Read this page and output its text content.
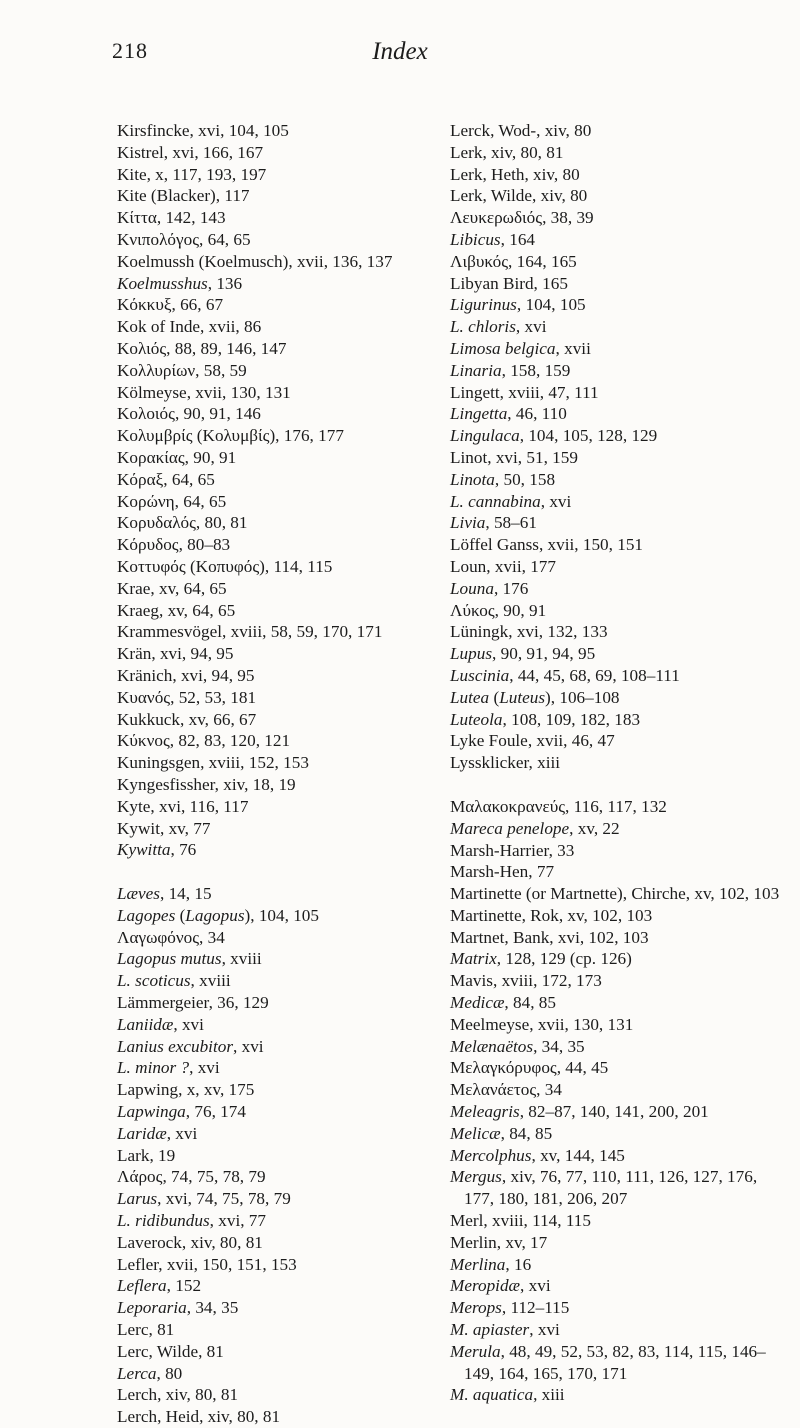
218	Index
Kirsfincke, xvi, 104, 105
Kistrel, xvi, 166, 167
Kite, x, 117, 193, 197
Kite (Blacker), 117
Κίττα, 142, 143
Κνιπολόγος, 64, 65
Koelmussh (Koelmusch), xvii, 136, 137
Koelmusshus, 136
Κόκκυξ, 66, 67
Kok of Inde, xvii, 86
Κολιός, 88, 89, 146, 147
Κολλυρίων, 58, 59
Kölmeyse, xvii, 130, 131
Κολοιός, 90, 91, 146
Κολυμβρίς (Κολυμβίς), 176, 177
Κορακίας, 90, 91
Κόραξ, 64, 65
Κορώνη, 64, 65
Κορυδαλός, 80, 81
Κόρυδος, 80–83
Κοττυφός (Κοπυφός), 114, 115
Krae, xv, 64, 65
Kraeg, xv, 64, 65
Krammesvögel, xviii, 58, 59, 170, 171
Krän, xvi, 94, 95
Kränich, xvi, 94, 95
Κυανός, 52, 53, 181
Kukkuck, xv, 66, 67
Κύκνος, 82, 83, 120, 121
Kuningsgen, xviii, 152, 153
Kyngesfissher, xiv, 18, 19
Kyte, xvi, 116, 117
Kywit, xv, 77
Kywitta, 76
Læves, 14, 15
Lagopes (Lagopus), 104, 105
Λαγωφόνος, 34
Lagopus mutus, xviii
L. scoticus, xviii
Lämmergeier, 36, 129
Laniidæ, xvi
Lanius excubitor, xvi
L. minor ?, xvi
Lapwing, x, xv, 175
Lapwinga, 76, 174
Laridæ, xvi
Lark, 19
Λάρος, 74, 75, 78, 79
Larus, xvi, 74, 75, 78, 79
L. ridibundus, xvi, 77
Laverock, xiv, 80, 81
Lefler, xvii, 150, 151, 153
Leflera, 152
Leporaria, 34, 35
Lerc, 81
Lerc, Wilde, 81
Lerca, 80
Lerch, xiv, 80, 81
Lerch, Heid, xiv, 80, 81
Lerck, Wod-, xiv, 80
Lerk, xiv, 80, 81
Lerk, Heth, xiv, 80
Lerk, Wilde, xiv, 80
Λευκερωδιός, 38, 39
Libicus, 164
Λιβυκός, 164, 165
Libyan Bird, 165
Ligurinus, 104, 105
L. chloris, xvi
Limosa belgica, xvii
Linaria, 158, 159
Lingett, xviii, 47, 111
Lingetta, 46, 110
Lingulaca, 104, 105, 128, 129
Linot, xvi, 51, 159
Linota, 50, 158
L. cannabina, xvi
Livia, 58–61
Löffel Ganss, xvii, 150, 151
Loun, xvii, 177
Louna, 176
Λύκος, 90, 91
Lüningk, xvi, 132, 133
Lupus, 90, 91, 94, 95
Luscinia, 44, 45, 68, 69, 108–111
Lutea (Luteus), 106–108
Luteola, 108, 109, 182, 183
Lyke Foule, xvii, 46, 47
Lyssklicker, xiii
Μαλακοκρανεύς, 116, 117, 132
Mareca penelope, xv, 22
Marsh-Harrier, 33
Marsh-Hen, 77
Martinette (or Martnette), Chirche, xv, 102, 103
Martinette, Rok, xv, 102, 103
Martnet, Bank, xvi, 102, 103
Matrix, 128, 129 (cp. 126)
Mavis, xviii, 172, 173
Medicæ, 84, 85
Meelmeyse, xvii, 130, 131
Melænaëtos, 34, 35
Μελαγκόρυφος, 44, 45
Μελανάετος, 34
Meleagris, 82–87, 140, 141, 200, 201
Melicæ, 84, 85
Mercolphus, xv, 144, 145
Mergus, xiv, 76, 77, 110, 111, 126, 127, 176, 177, 180, 181, 206, 207
Merl, xviii, 114, 115
Merlin, xv, 17
Merlina, 16
Meropidæ, xvi
Merops, 112–115
M. apiaster, xvi
Merula, 48, 49, 52, 53, 82, 83, 114, 115, 146–149, 164, 165, 170, 171
M. aquatica, xiii
